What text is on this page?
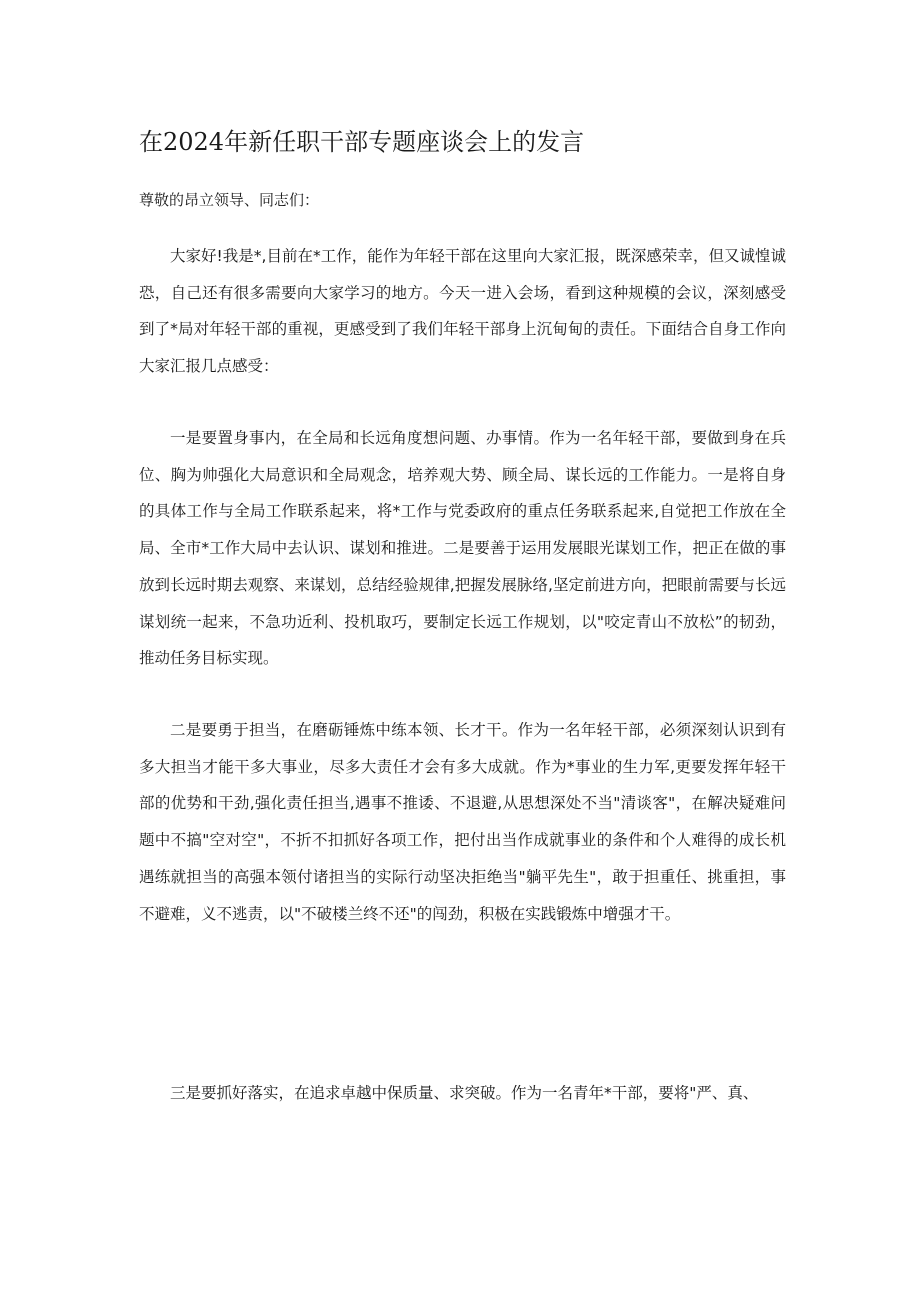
在2024年新任职干部专题座谈会上的发言

尊敬的昂立领导、同志们：

大家好!我是*,目前在*工作，能作为年轻干部在这里向大家汇报，既深感荣幸，但又诚惶诚恐，自己还有很多需要向大家学习的地方。今天一进入会场，看到这种规模的会议，深刻感受到了*局对年轻干部的重视，更感受到了我们年轻干部身上沉甸甸的责任。下面结合自身工作向大家汇报几点感受：

一是要置身事内，在全局和长远角度想问题、办事情。作为一名年轻干部，要做到身在兵位、胸为帅强化大局意识和全局观念，培养观大势、顾全局、谋长远的工作能力。一是将自身的具体工作与全局工作联系起来，将*工作与党委政府的重点任务联系起来,自觉把工作放在全局、全市*工作大局中去认识、谋划和推进。二是要善于运用发展眼光谋划工作，把正在做的事放到长远时期去观察、来谋划，总结经验规律,把握发展脉络,坚定前进方向，把眼前需要与长远谋划统一起来，不急功近利、投机取巧，要制定长远工作规划，以"咬定青山不放松”的韧劲，推动任务目标实现。

二是要勇于担当，在磨砺锤炼中练本领、长才干。作为一名年轻干部，必须深刻认识到有多大担当才能干多大事业，尽多大责任才会有多大成就。作为*事业的生力军,更要发挥年轻干部的优势和干劲,强化责任担当,遇事不推诿、不退避,从思想深处不当"清谈客"，在解决疑难问题中不搞"空对空"，不折不扣抓好各项工作，把付出当作成就事业的条件和个人难得的成长机遇练就担当的高强本领付诸担当的实际行动坚决拒绝当"躺平先生"，敢于担重任、挑重担，事不避难，义不逃责，以"不破楼兰终不还"的闯劲，积极在实践锻炼中增强才干。

三是要抓好落实，在追求卓越中保质量、求突破。作为一名青年*干部，要将"严、真、
